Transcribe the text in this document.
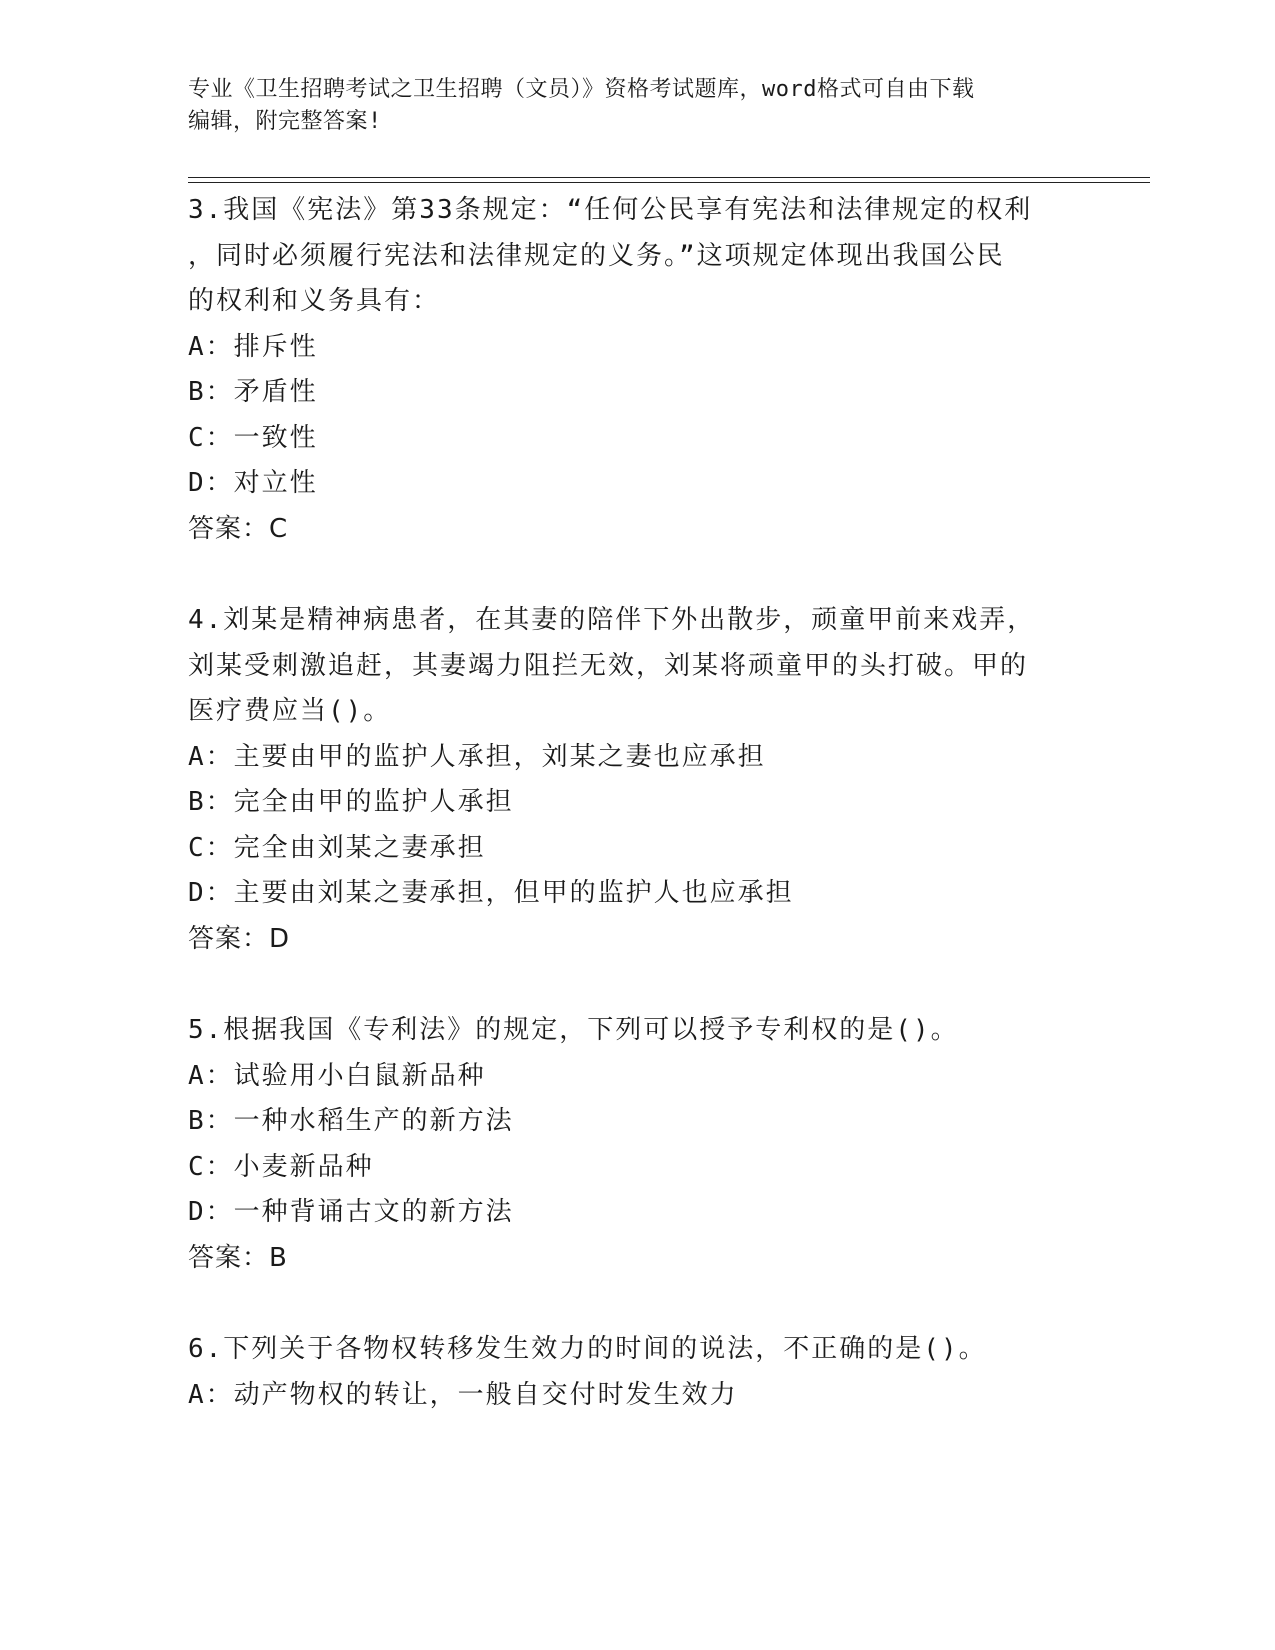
专业《卫生招聘考试之卫生招聘（文员）》资格考试题库，word格式可自由下载
编辑，附完整答案!

3.我国《宪法》第33条规定：“任何公民享有宪法和法律规定的权利

，同时必须履行宪法和法律规定的义务。”这项规定体现出我国公民

的权利和义务具有：

A：排斥性

B：矛盾性

C：一致性

D：对立性

答案：C

4.刘某是精神病患者，在其妻的陪伴下外出散步，顽童甲前来戏弄，

刘某受刺激追赶，其妻竭力阻拦无效，刘某将顽童甲的头打破。甲的

医疗费应当()。

A：主要由甲的监护人承担，刘某之妻也应承担

B：完全由甲的监护人承担

C：完全由刘某之妻承担

D：主要由刘某之妻承担，但甲的监护人也应承担

答案：D

5.根据我国《专利法》的规定，下列可以授予专利权的是()。

A：试验用小白鼠新品种

B：一种水稻生产的新方法

C：小麦新品种

D：一种背诵古文的新方法

答案：B

6.下列关于各物权转移发生效力的时间的说法，不正确的是()。

A：动产物权的转让，一般自交付时发生效力
